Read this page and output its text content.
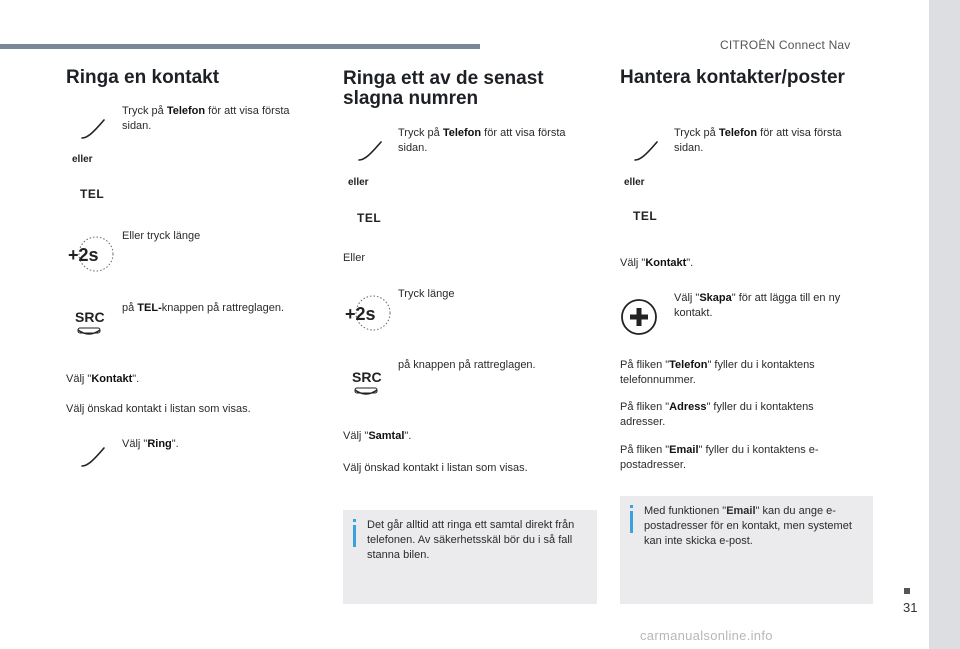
CITROËN Connect Nav
31
carmanualsonline.info
Ringa en kontakt
Tryck på Telefon för att visa första sidan.
eller
TEL
+2s
Eller tryck länge
SRC
på TEL-knappen på rattreglagen.
Välj "Kontakt".
Välj önskad kontakt i listan som visas.
Välj "Ring".
Ringa ett av de senast
slagna numren
Tryck på Telefon för att visa första sidan.
eller
TEL
Eller
+2s
Tryck länge
SRC
på knappen på rattreglagen.
Välj "Samtal".
Välj önskad kontakt i listan som visas.
Det går alltid att ringa ett samtal direkt från telefonen. Av säkerhetsskäl bör du i så fall stanna bilen.
Hantera kontakter/poster
Tryck på Telefon för att visa första sidan.
eller
TEL
Välj "Kontakt".
Välj "Skapa" för att lägga till en ny kontakt.
På fliken "Telefon" fyller du i kontaktens telefonnummer.
På fliken "Adress" fyller du i kontaktens adresser.
På fliken "Email" fyller du i kontaktens e-postadresser.
Med funktionen "Email" kan du ange e-postadresser för en kontakt, men systemet kan inte skicka e-post.
